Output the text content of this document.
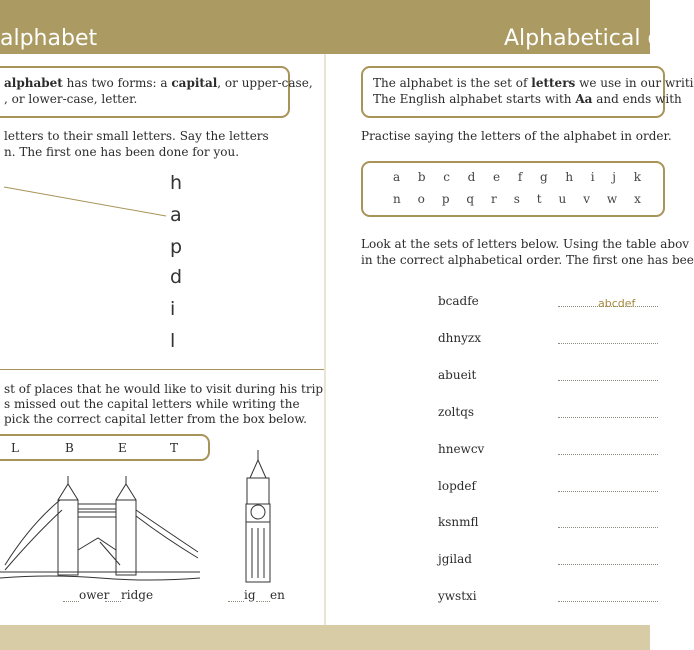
alphabet	Alphabetical o
alphabet has two forms: a capital, or upper-case,
, or lower-case, letter.
letters to their small letters. Say the letters
n. The first one has been done for you.
h
a
p
d
i
l
st of places that he would like to visit during his trip
s missed out the capital letters while writing the
pick the correct capital letter from the box below.
L	B	E	T
ower ridge	ig en
The alphabet is the set of letters we use in our writi
The English alphabet starts with Aa and ends with
Practise saying the letters of the alphabet in order.
a b c d e f g h i j k
n o p q r s t u v w x
Look at the sets of letters below. Using the table abov
in the correct alphabetical order. The first one has bee
bcadfe	abcdef
dhnyzx
abueit
zoltqs
hnewcv
lopdef
ksnmfl
jgilad
ywstxi
